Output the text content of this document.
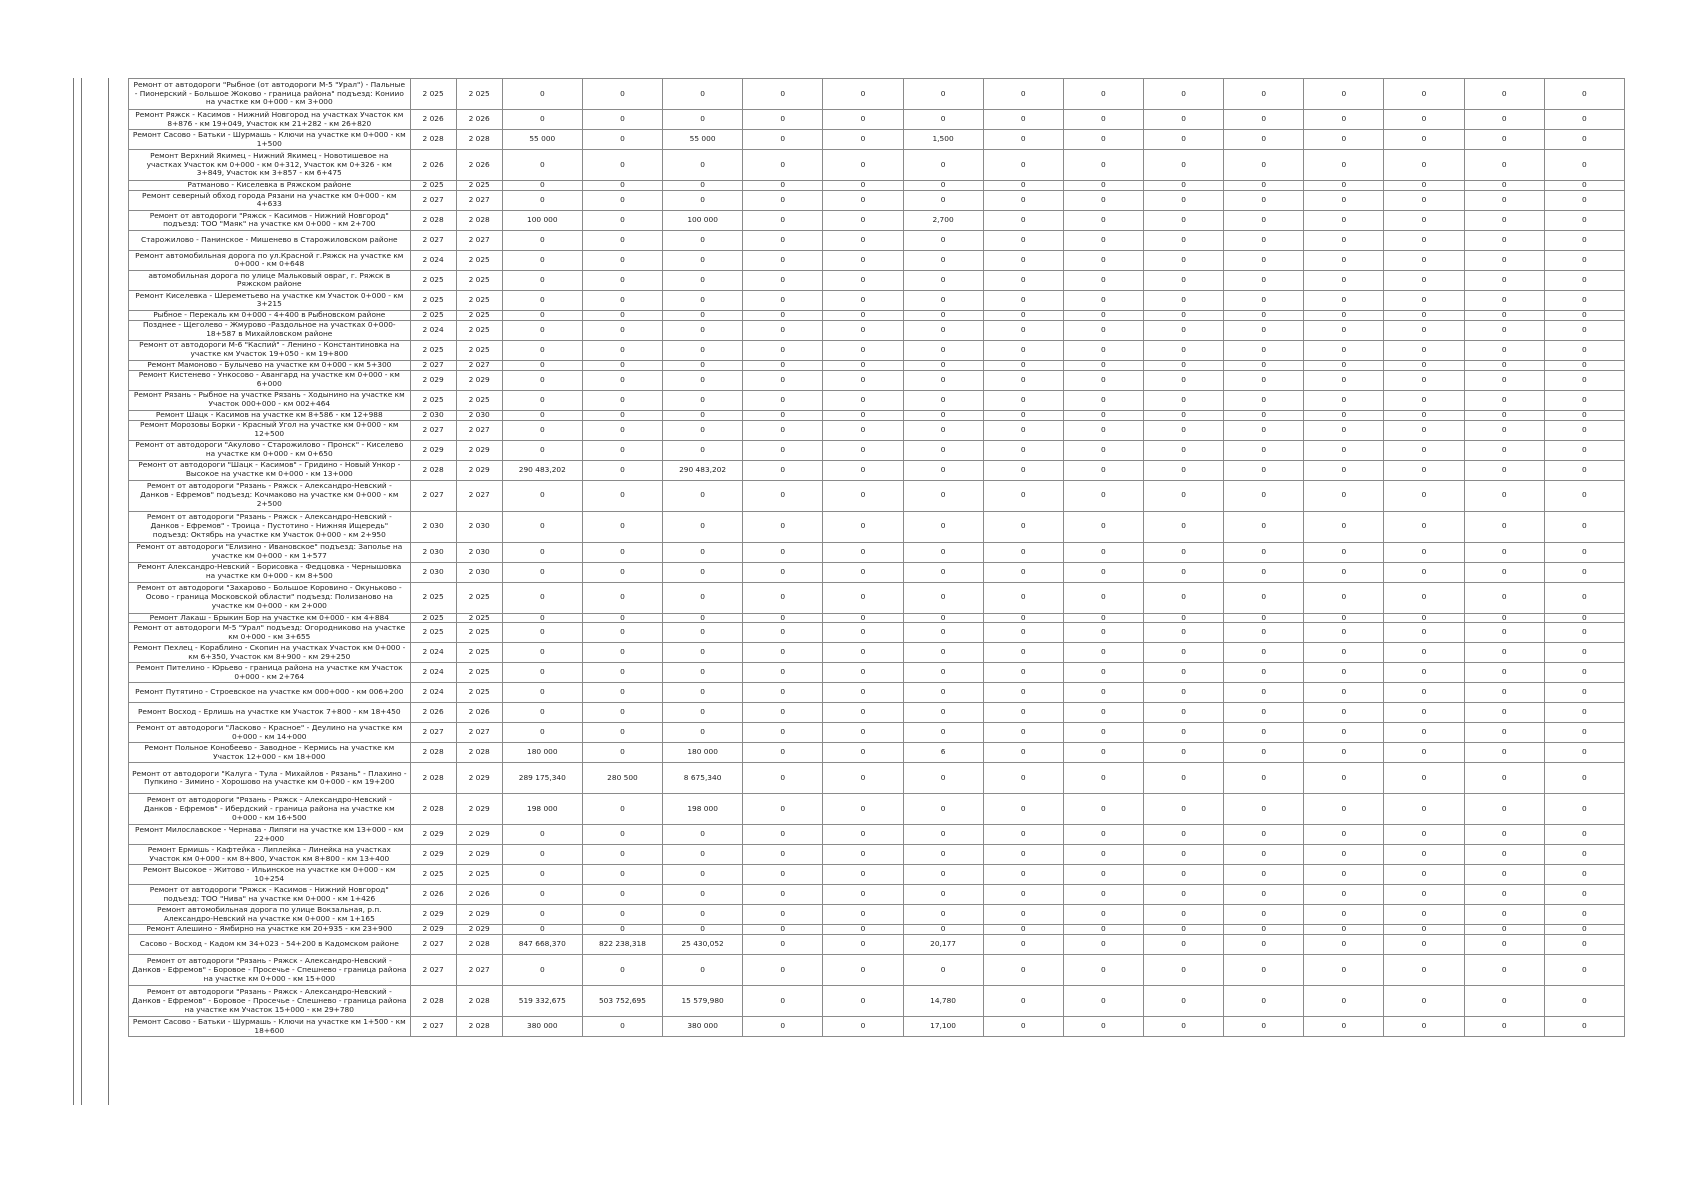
Ремонт от автодороги "Рыбное (от автодороги М-5 "Урал") - Пальные - Пионерский - Большое Жоково - граница района" подъезд: Кониио на участке км 0+000 - км 3+000	2 025	2 025	0	0	0	0	0	0	0	0	0	0	0	0	0	0
Ремонт Ряжск - Касимов - Нижний Новгород на участках Участок км 8+876 - км 19+049, Участок км 21+282 - км 26+820	2 026	2 026	0	0	0	0	0	0	0	0	0	0	0	0	0	0
Ремонт Сасово - Батьки - Шурмашь - Ключи на участке км 0+000 - км 1+500	2 028	2 028	55 000	0	55 000	0	0	1,500	0	0	0	0	0	0	0	0
Ремонт Верхний Якимец - Нижний Якимец - Новотишевое на участках Участок км 0+000 - км 0+312, Участок км 0+326 - км 3+849, Участок км 3+857 - км 6+475	2 026	2 026	0	0	0	0	0	0	0	0	0	0	0	0	0	0
Ратманово - Киселевка в Ряжском районе	2 025	2 025	0	0	0	0	0	0	0	0	0	0	0	0	0	0
Ремонт северный обход города Рязани на участке км 0+000 - км 4+633	2 027	2 027	0	0	0	0	0	0	0	0	0	0	0	0	0	0
Ремонт от автодороги "Ряжск - Касимов - Нижний Новгород" подъезд: ТОО "Маяк" на участке км 0+000 - км 2+700	2 028	2 028	100 000	0	100 000	0	0	2,700	0	0	0	0	0	0	0	0
Старожилово - Панинское - Мишенево в Старожиловском районе	2 027	2 027	0	0	0	0	0	0	0	0	0	0	0	0	0	0
Ремонт автомобильная дорога по ул.Красной г.Ряжск на участке км 0+000 - км 0+648	2 024	2 025	0	0	0	0	0	0	0	0	0	0	0	0	0	0
автомобильная дорога по улице Мальковый овраг, г. Ряжск в Ряжском районе	2 025	2 025	0	0	0	0	0	0	0	0	0	0	0	0	0	0
Ремонт Киселевка - Шереметьево на участке км Участок 0+000 - км 3+215	2 025	2 025	0	0	0	0	0	0	0	0	0	0	0	0	0	0
Рыбное - Перекаль км 0+000 - 4+400 в Рыбновском районе	2 025	2 025	0	0	0	0	0	0	0	0	0	0	0	0	0	0
Позднее - Щеголево - Жмурово -Раздольное на участках 0+000-18+587 в Михайловском районе	2 024	2 025	0	0	0	0	0	0	0	0	0	0	0	0	0	0
Ремонт от автодороги М-6 "Каспий" - Ленино - Константиновка на участке км Участок 19+050 - км 19+800	2 025	2 025	0	0	0	0	0	0	0	0	0	0	0	0	0	0
Ремонт Мамоново - Булычево на участке км 0+000 - км 5+300	2 027	2 027	0	0	0	0	0	0	0	0	0	0	0	0	0	0
Ремонт Кистенево - Ункосово - Авангард на участке км 0+000 - км 6+000	2 029	2 029	0	0	0	0	0	0	0	0	0	0	0	0	0	0
Ремонт Рязань - Рыбное на участке Рязань - Ходынино на участке км Участок 000+000 - км 002+464	2 025	2 025	0	0	0	0	0	0	0	0	0	0	0	0	0	0
Ремонт Шацк - Касимов на участке км 8+586 - км 12+988	2 030	2 030	0	0	0	0	0	0	0	0	0	0	0	0	0	0
Ремонт Морозовы Борки - Красный Угол на участке км 0+000 - км 12+500	2 027	2 027	0	0	0	0	0	0	0	0	0	0	0	0	0	0
Ремонт от автодороги "Акулово - Старожилово - Пронск" - Киселево на участке км 0+000 - км 0+650	2 029	2 029	0	0	0	0	0	0	0	0	0	0	0	0	0	0
Ремонт от автодороги "Шацк - Касимов" - Гридино - Новый Ункор - Высокое на участке км 0+000 - км 13+000	2 028	2 029	290 483,202	0	290 483,202	0	0	0	0	0	0	0	0	0	0	0
Ремонт от автодороги "Рязань - Ряжск - Александро-Невский - Данков - Ефремов" подъезд: Кочмаково на участке км 0+000 - км 2+500	2 027	2 027	0	0	0	0	0	0	0	0	0	0	0	0	0	0
Ремонт от автодороги "Рязань - Ряжск - Александро-Невский - Данков - Ефремов" - Троица - Пустотино - Нижняя Ищередь" подъезд: Октябрь на участке км Участок 0+000 - км 2+950	2 030	2 030	0	0	0	0	0	0	0	0	0	0	0	0	0	0
Ремонт от автодороги "Елизино - Ивановское" подъезд: Заполье на участке км 0+000 - км 1+577	2 030	2 030	0	0	0	0	0	0	0	0	0	0	0	0	0	0
Ремонт Александро-Невский - Борисовка - Федцовка - Чернышовка на участке км 0+000 - км 8+500	2 030	2 030	0	0	0	0	0	0	0	0	0	0	0	0	0	0
Ремонт от автодороги "Захарово - Большое Коровино - Окуньково - Осово - граница Московской области" подъезд: Полизаново на участке км 0+000 - км 2+000	2 025	2 025	0	0	0	0	0	0	0	0	0	0	0	0	0	0
Ремонт Лакаш - Брыкин Бор на участке км 0+000 - км 4+884	2 025	2 025	0	0	0	0	0	0	0	0	0	0	0	0	0	0
Ремонт от автодороги М-5 "Урал" подъезд: Огородниково на участке км 0+000 - км 3+655	2 025	2 025	0	0	0	0	0	0	0	0	0	0	0	0	0	0
Ремонт Пехлец - Кораблино - Скопин на участках Участок км 0+000 - км 6+350, Участок км 8+900 - км 29+250	2 024	2 025	0	0	0	0	0	0	0	0	0	0	0	0	0	0
Ремонт Пителино - Юрьево - граница района на участке км Участок 0+000 - км 2+764	2 024	2 025	0	0	0	0	0	0	0	0	0	0	0	0	0	0
Ремонт Путятино - Строевское на участке км 000+000 - км 006+200	2 024	2 025	0	0	0	0	0	0	0	0	0	0	0	0	0	0
Ремонт Восход - Ерлишь на участке км Участок 7+800 - км 18+450	2 026	2 026	0	0	0	0	0	0	0	0	0	0	0	0	0	0
Ремонт от автодороги "Ласково - Красное" - Деулино на участке км 0+000 - км 14+000	2 027	2 027	0	0	0	0	0	0	0	0	0	0	0	0	0	0
Ремонт Польное Конобеево - Заводное - Кермись на участке км Участок 12+000 - км 18+000	2 028	2 028	180 000	0	180 000	0	0	6	0	0	0	0	0	0	0	0
Ремонт от автодороги "Калуга - Тула - Михайлов - Рязань" - Плахино - Пупкино - Зимино - Хорошово на участке км 0+000 - км 19+200	2 028	2 029	289 175,340	280 500	8 675,340	0	0	0	0	0	0	0	0	0	0	0
Ремонт от автодороги "Рязань - Ряжск - Александро-Невский - Данков - Ефремов" - Ибердский - граница района на участке км 0+000 - км 16+500	2 028	2 029	198 000	0	198 000	0	0	0	0	0	0	0	0	0	0	0
Ремонт Милославское - Чернава - Липяги на участке км 13+000 - км 22+000	2 029	2 029	0	0	0	0	0	0	0	0	0	0	0	0	0	0
Ремонт Ермишь - Кафтейка - Липлейка - Линейка на участках Участок км 0+000 - км 8+800, Участок км 8+800 - км 13+400	2 029	2 029	0	0	0	0	0	0	0	0	0	0	0	0	0	0
Ремонт Высокое - Житово - Ильинское на участке км 0+000 - км 10+254	2 025	2 025	0	0	0	0	0	0	0	0	0	0	0	0	0	0
Ремонт от автодороги "Ряжск - Касимов - Нижний Новгород" подъезд: ТОО "Нива" на участке км 0+000 - км 1+426	2 026	2 026	0	0	0	0	0	0	0	0	0	0	0	0	0	0
Ремонт автомобильная дорога по улице Вокзальная, р.п. Александро-Невский на участке км 0+000 - км 1+165	2 029	2 029	0	0	0	0	0	0	0	0	0	0	0	0	0	0
Ремонт Алешино - Ямбирно на участке км 20+935 - км 23+900	2 029	2 029	0	0	0	0	0	0	0	0	0	0	0	0	0	0
Сасово - Восход - Кадом км 34+023 - 54+200 в Кадомском районе	2 027	2 028	847 668,370	822 238,318	25 430,052	0	0	20,177	0	0	0	0	0	0	0	0
Ремонт от автодороги "Рязань - Ряжск - Александро-Невский - Данков - Ефремов" - Боровое - Просечье - Спешнево - граница района на участке км 0+000 - км 15+000	2 027	2 027	0	0	0	0	0	0	0	0	0	0	0	0	0	0
Ремонт от автодороги "Рязань - Ряжск - Александро-Невский - Данков - Ефремов" - Боровое - Просечье - Спешнево - граница района на участке км Участок 15+000 - км 29+780	2 028	2 028	519 332,675	503 752,695	15 579,980	0	0	14,780	0	0	0	0	0	0	0	0
Ремонт Сасово - Батьки - Шурмашь - Ключи на участке км 1+500 - км 18+600	2 027	2 028	380 000	0	380 000	0	0	17,100	0	0	0	0	0	0	0	0
